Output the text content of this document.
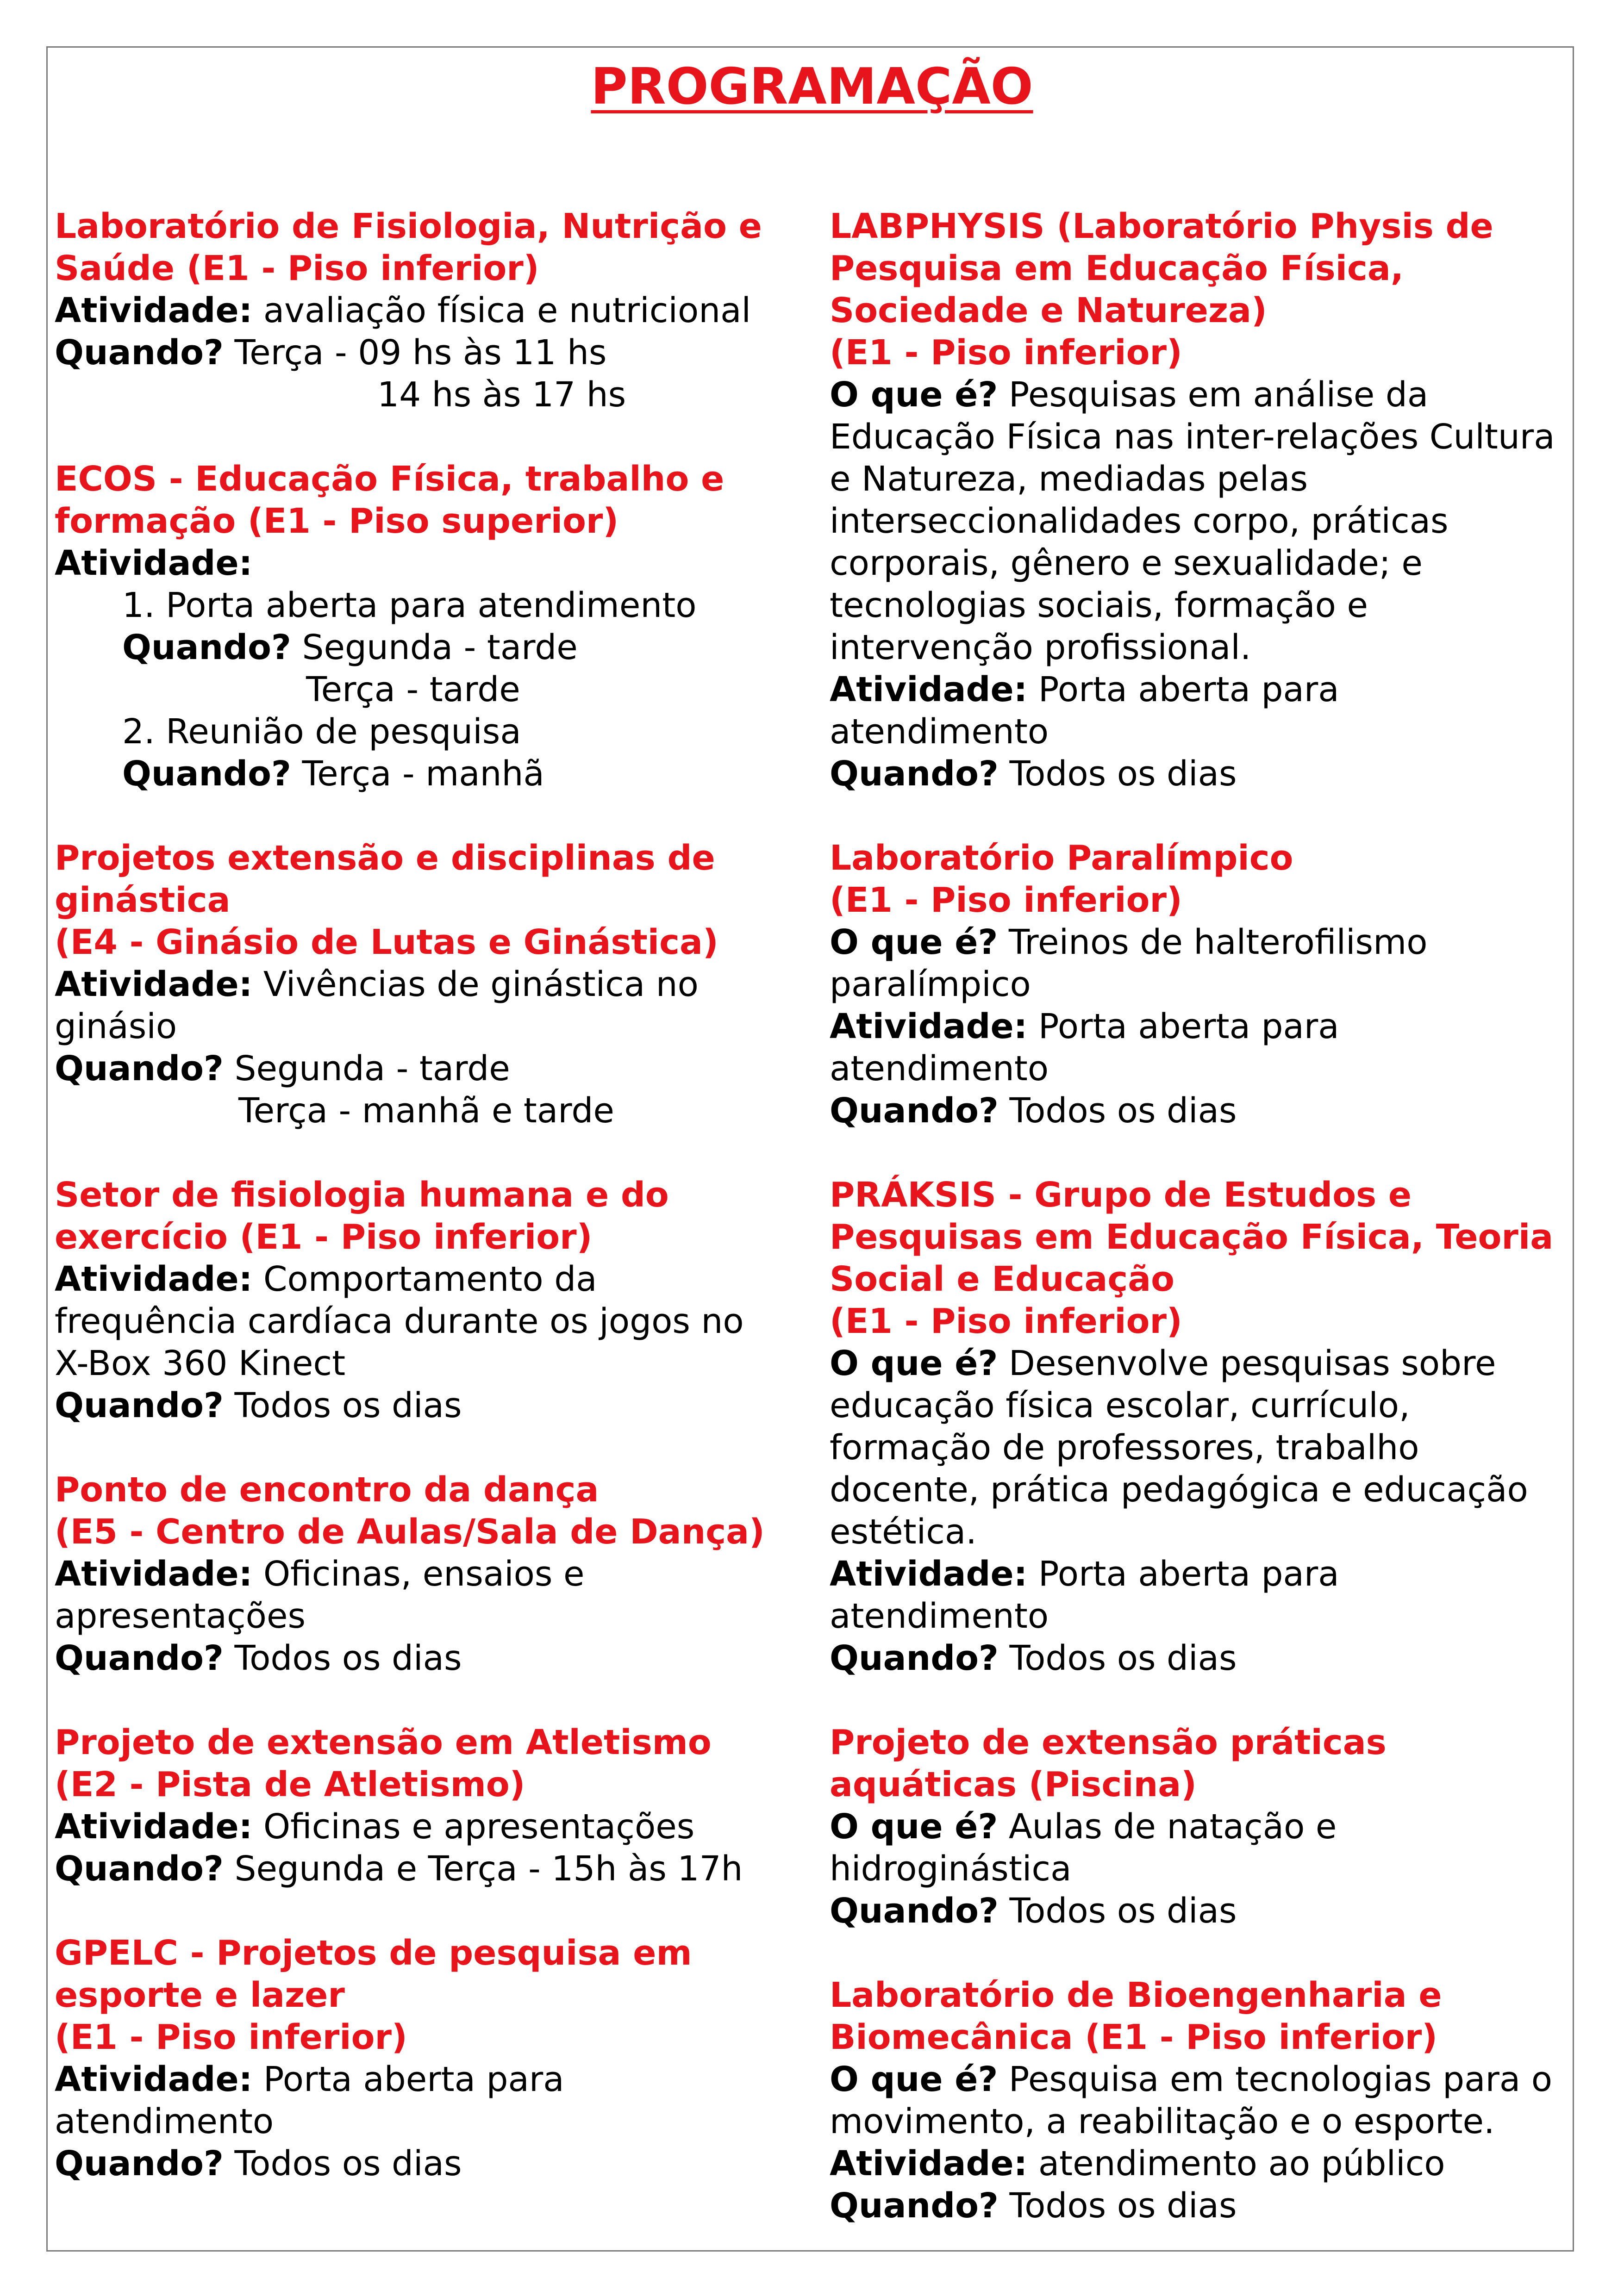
PROGRAMAÇÃO
Laboratório de Fisiologia, Nutrição e
Saúde (E1 - Piso inferior)
Atividade: avaliação física e nutricional
Quando? Terça - 09 hs às 11 hs
14 hs às 17 hs
ECOS - Educação Física, trabalho e
formação (E1 - Piso superior)
Atividade:
1. Porta aberta para atendimento
Quando? Segunda - tarde
Terça - tarde
2. Reunião de pesquisa
Quando? Terça - manhã
Projetos extensão e disciplinas de
ginástica
(E4 - Ginásio de Lutas e Ginástica)
Atividade: Vivências de ginástica no
ginásio
Quando? Segunda - tarde
Terça - manhã e tarde
Setor de fisiologia humana e do
exercício (E1 - Piso inferior)
Atividade: Comportamento da
frequência cardíaca durante os jogos no
X-Box 360 Kinect
Quando? Todos os dias
Ponto de encontro da dança
(E5 - Centro de Aulas/Sala de Dança)
Atividade: Oficinas, ensaios e
apresentações
Quando? Todos os dias
Projeto de extensão em Atletismo
(E2 - Pista de Atletismo)
Atividade: Oficinas e apresentações
Quando? Segunda e Terça - 15h às 17h
GPELC - Projetos de pesquisa em
esporte e lazer
(E1 - Piso inferior)
Atividade: Porta aberta para
atendimento
Quando? Todos os dias
LABPHYSIS (Laboratório Physis de
Pesquisa em Educação Física,
Sociedade e Natureza)
(E1 - Piso inferior)
O que é? Pesquisas em análise da
Educação Física nas inter-relações Cultura
e Natureza, mediadas pelas
interseccionalidades corpo, práticas
corporais, gênero e sexualidade; e
tecnologias sociais, formação e
intervenção profissional.
Atividade: Porta aberta para
atendimento
Quando? Todos os dias
Laboratório Paralímpico
(E1 - Piso inferior)
O que é? Treinos de halterofilismo
paralímpico
Atividade: Porta aberta para
atendimento
Quando? Todos os dias
PRÁKSIS - Grupo de Estudos e
Pesquisas em Educação Física, Teoria
Social e Educação
(E1 - Piso inferior)
O que é? Desenvolve pesquisas sobre
educação física escolar, currículo,
formação de professores, trabalho
docente, prática pedagógica e educação
estética.
Atividade: Porta aberta para
atendimento
Quando? Todos os dias
Projeto de extensão práticas
aquáticas (Piscina)
O que é? Aulas de natação e
hidroginástica
Quando? Todos os dias
Laboratório de Bioengenharia e
Biomecânica (E1 - Piso inferior)
O que é? Pesquisa em tecnologias para o
movimento, a reabilitação e o esporte.
Atividade: atendimento ao público
Quando? Todos os dias
